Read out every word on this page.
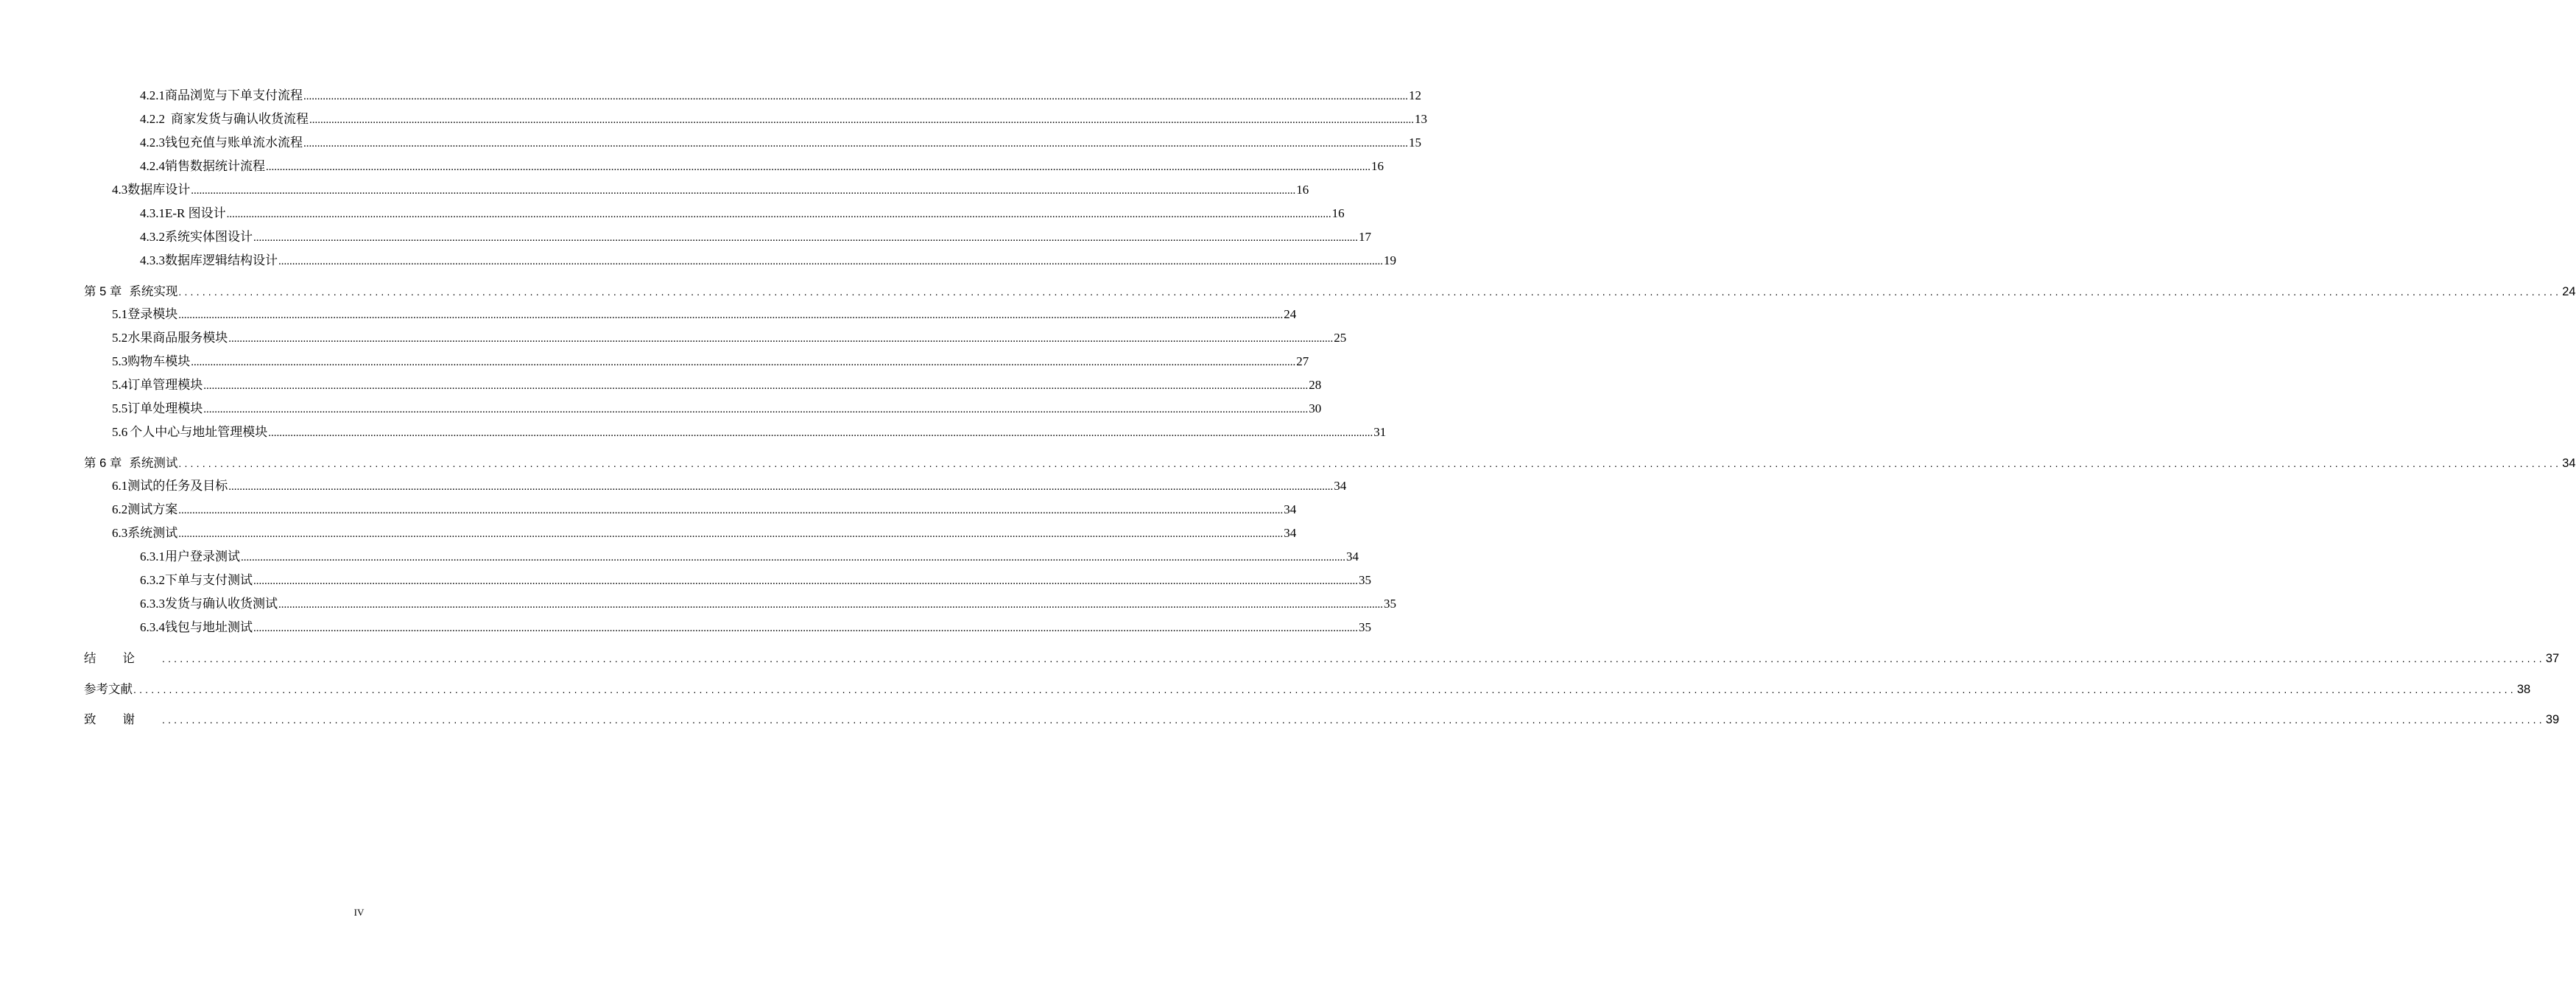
4.2.1 商品浏览与下单支付流程 ................................................................................................................................................................................................................................................................................................................................................................................................................ 12
4.2.2 商家发货与确认收货流程 ................................................................................................................................................................................................................................................................................................................................................................................................................ 13
4.2.3 钱包充值与账单流水流程 ................................................................................................................................................................................................................................................................................................................................................................................................................ 15
4.2.4 销售数据统计流程 ................................................................................................................................................................................................................................................................................................................................................................................................................ 16
4.3 数据库设计 ................................................................................................................................................................................................................................................................................................................................................................................................................ 16
4.3.1 E-R 图设计 ................................................................................................................................................................................................................................................................................................................................................................................................................ 16
4.3.2 系统实体图设计 ................................................................................................................................................................................................................................................................................................................................................................................................................ 17
4.3.3 数据库逻辑结构设计 ................................................................................................................................................................................................................................................................................................................................................................................................................ 19
第 5 章 系统实现 ................................................................................................................................................................................................................................................................................................................................................................................................................ 24
5.1 登录模块 ................................................................................................................................................................................................................................................................................................................................................................................................................ 24
5.2 水果商品服务模块 ................................................................................................................................................................................................................................................................................................................................................................................................................ 25
5.3 购物车模块 ................................................................................................................................................................................................................................................................................................................................................................................................................ 27
5.4 订单管理模块 ................................................................................................................................................................................................................................................................................................................................................................................................................ 28
5.5 订单处理模块 ................................................................................................................................................................................................................................................................................................................................................................................................................ 30
5.6 个人中心与地址管理模块 ................................................................................................................................................................................................................................................................................................................................................................................................................ 31
第 6 章 系统测试 ................................................................................................................................................................................................................................................................................................................................................................................................................ 34
6.1 测试的任务及目标 ................................................................................................................................................................................................................................................................................................................................................................................................................ 34
6.2 测试方案 ................................................................................................................................................................................................................................................................................................................................................................................................................ 34
6.3 系统测试 ................................................................................................................................................................................................................................................................................................................................................................................................................ 34
6.3.1 用户登录测试 ................................................................................................................................................................................................................................................................................................................................................................................................................ 34
6.3.2 下单与支付测试 ................................................................................................................................................................................................................................................................................................................................................................................................................ 35
6.3.3 发货与确认收货测试 ................................................................................................................................................................................................................................................................................................................................................................................................................ 35
6.3.4 钱包与地址测试 ................................................................................................................................................................................................................................................................................................................................................................................................................ 35
结论 ................................................................................................................................................................................................................................................................................................................................................................................................................ 37
参考文献 ................................................................................................................................................................................................................................................................................................................................................................................................................ 38
致谢 ................................................................................................................................................................................................................................................................................................................................................................................................................ 39
IV
